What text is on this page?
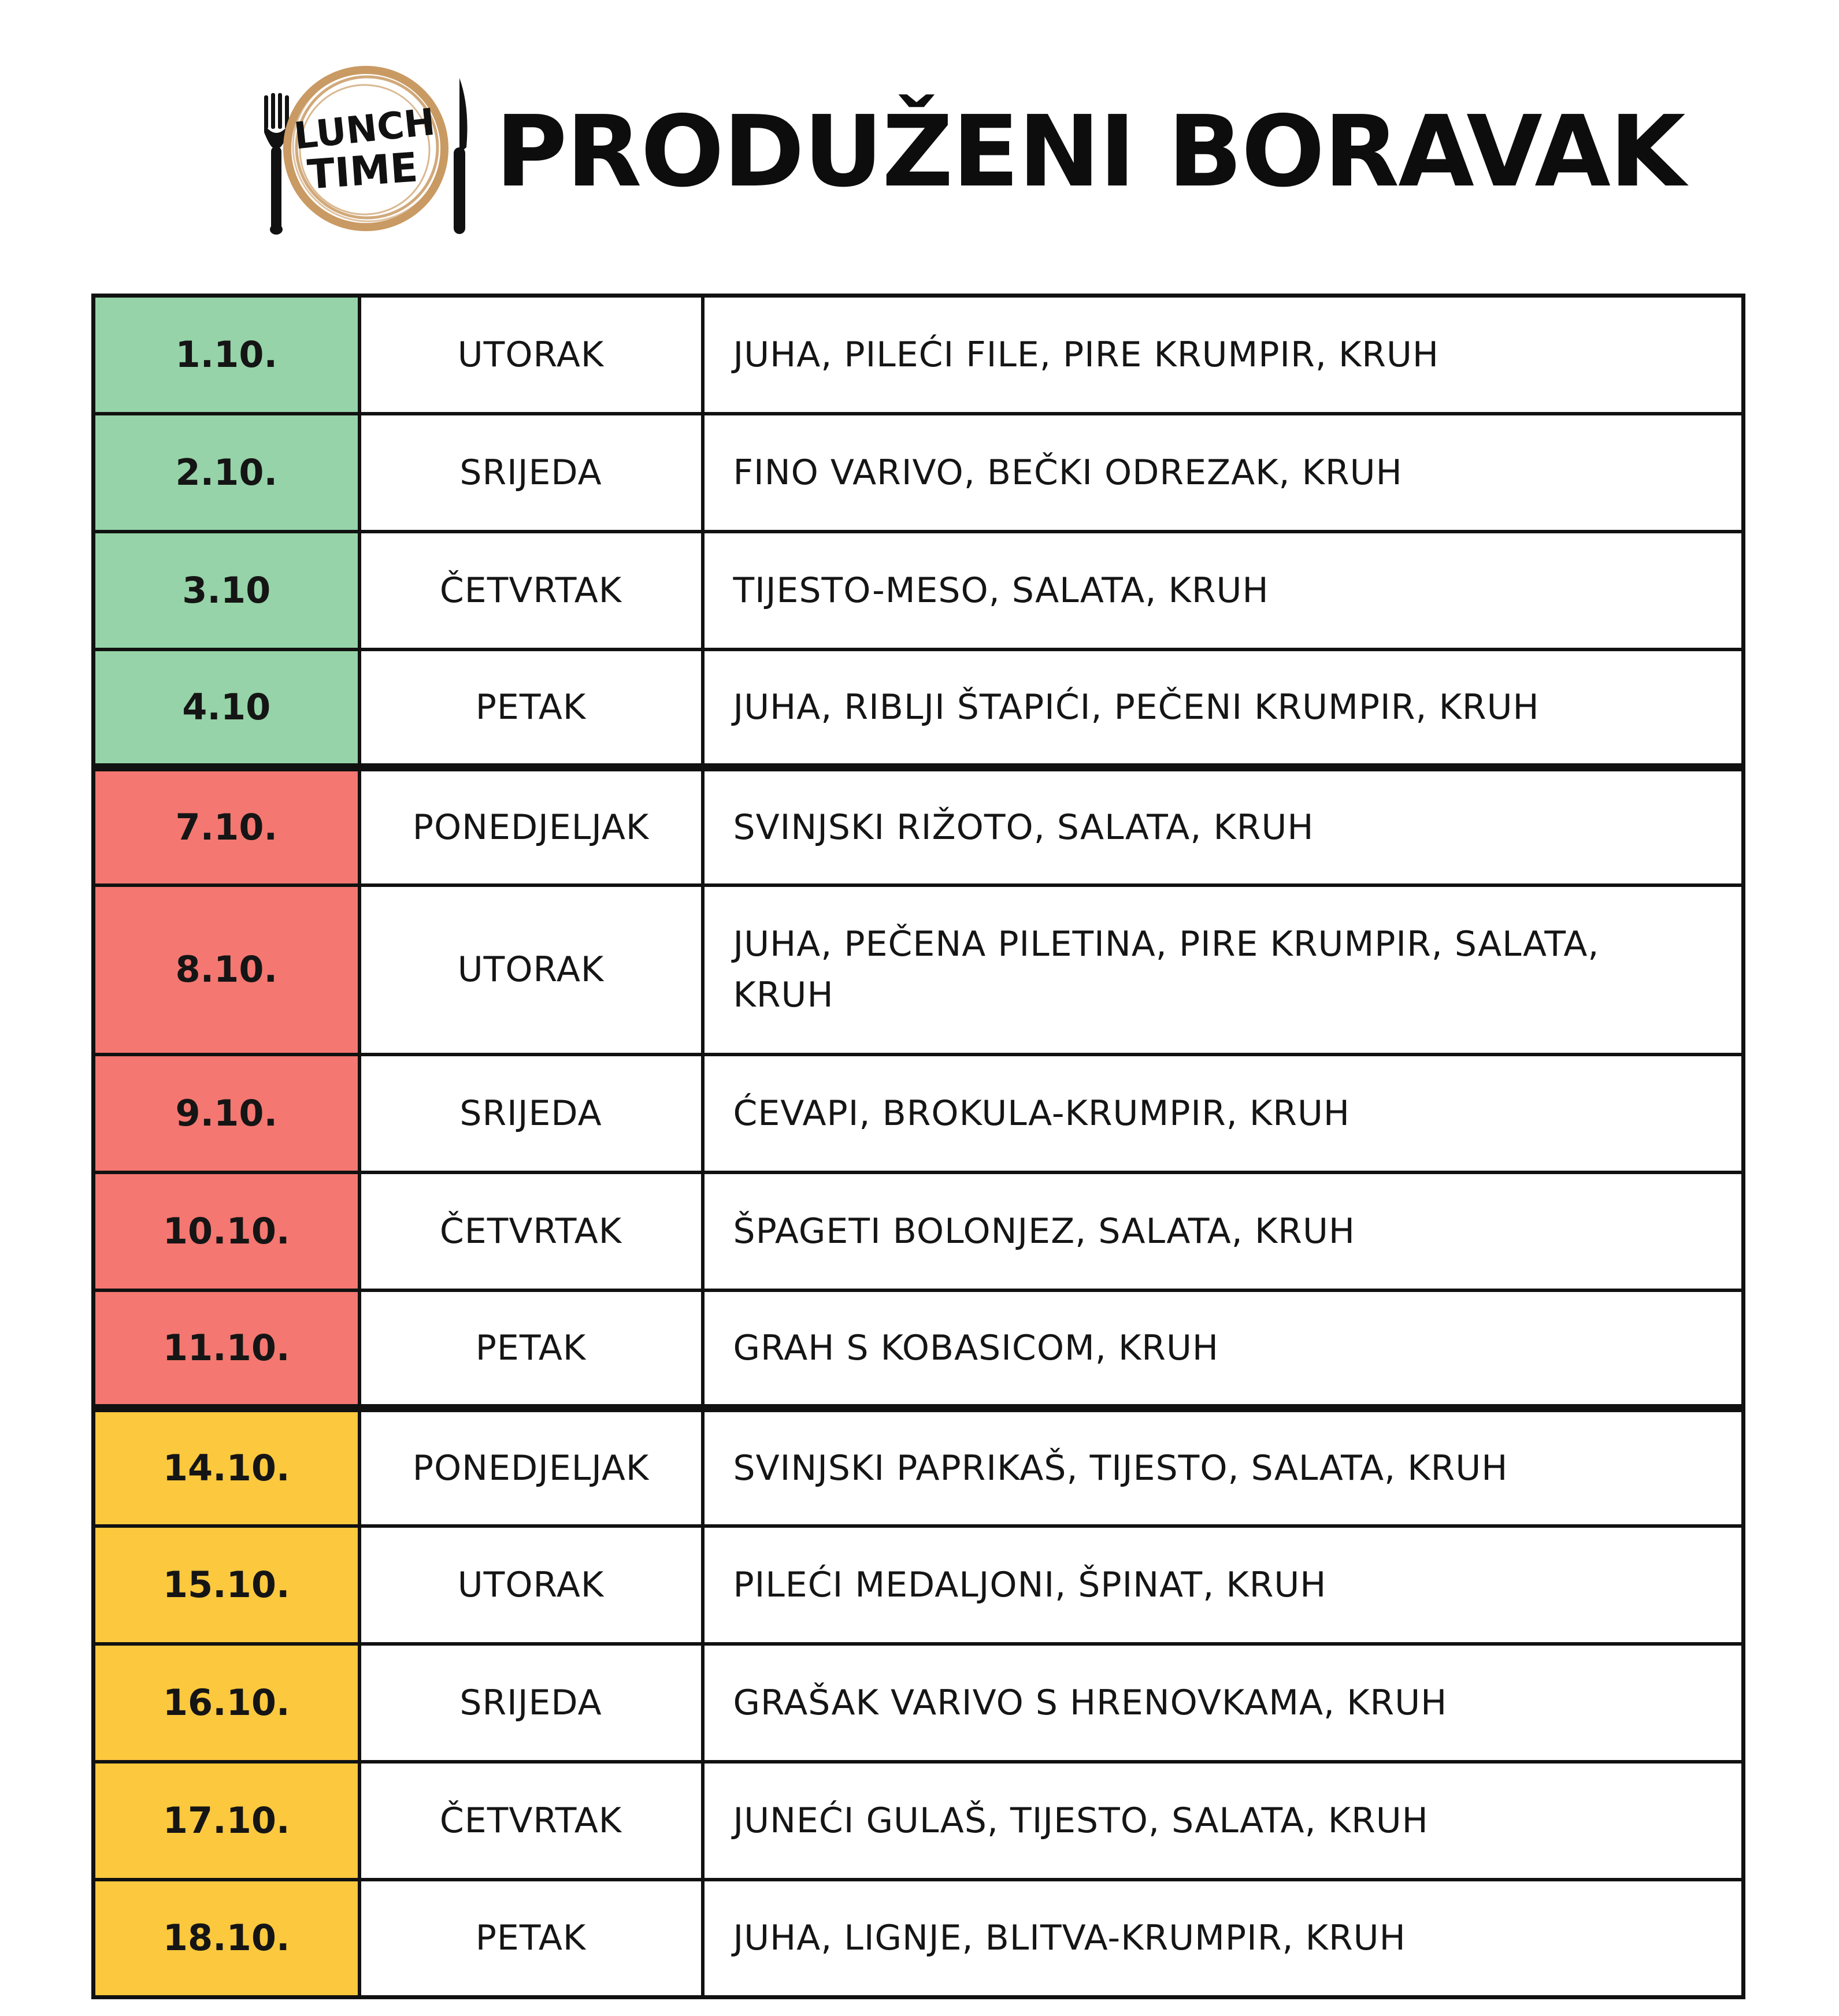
LUNCH
TIME PRODUŽENI BORAVAK
1.10.	UTORAK	JUHA, PILEĆI FILE, PIRE KRUMPIR, KRUH
2.10.	SRIJEDA	FINO VARIVO, BEČKI ODREZAK, KRUH
3.10	ČETVRTAK	TIJESTO-MESO, SALATA, KRUH
4.10	PETAK	JUHA, RIBLJI ŠTAPIĆI, PEČENI KRUMPIR, KRUH
7.10.	PONEDJELJAK	SVINJSKI RIŽOTO, SALATA, KRUH
8.10.	UTORAK	JUHA, PEČENA PILETINA, PIRE KRUMPIR, SALATA, KRUH
9.10.	SRIJEDA	ĆEVAPI, BROKULA-KRUMPIR, KRUH
10.10.	ČETVRTAK	ŠPAGETI BOLONJEZ, SALATA, KRUH
11.10.	PETAK	GRAH S KOBASICOM, KRUH
14.10.	PONEDJELJAK	SVINJSKI PAPRIKAŠ, TIJESTO, SALATA, KRUH
15.10.	UTORAK	PILEĆI MEDALJONI, ŠPINAT, KRUH
16.10.	SRIJEDA	GRAŠAK VARIVO S HRENOVKAMA, KRUH
17.10.	ČETVRTAK	JUNEĆI GULAŠ, TIJESTO, SALATA, KRUH
18.10.	PETAK	JUHA, LIGNJE, BLITVA-KRUMPIR, KRUH
